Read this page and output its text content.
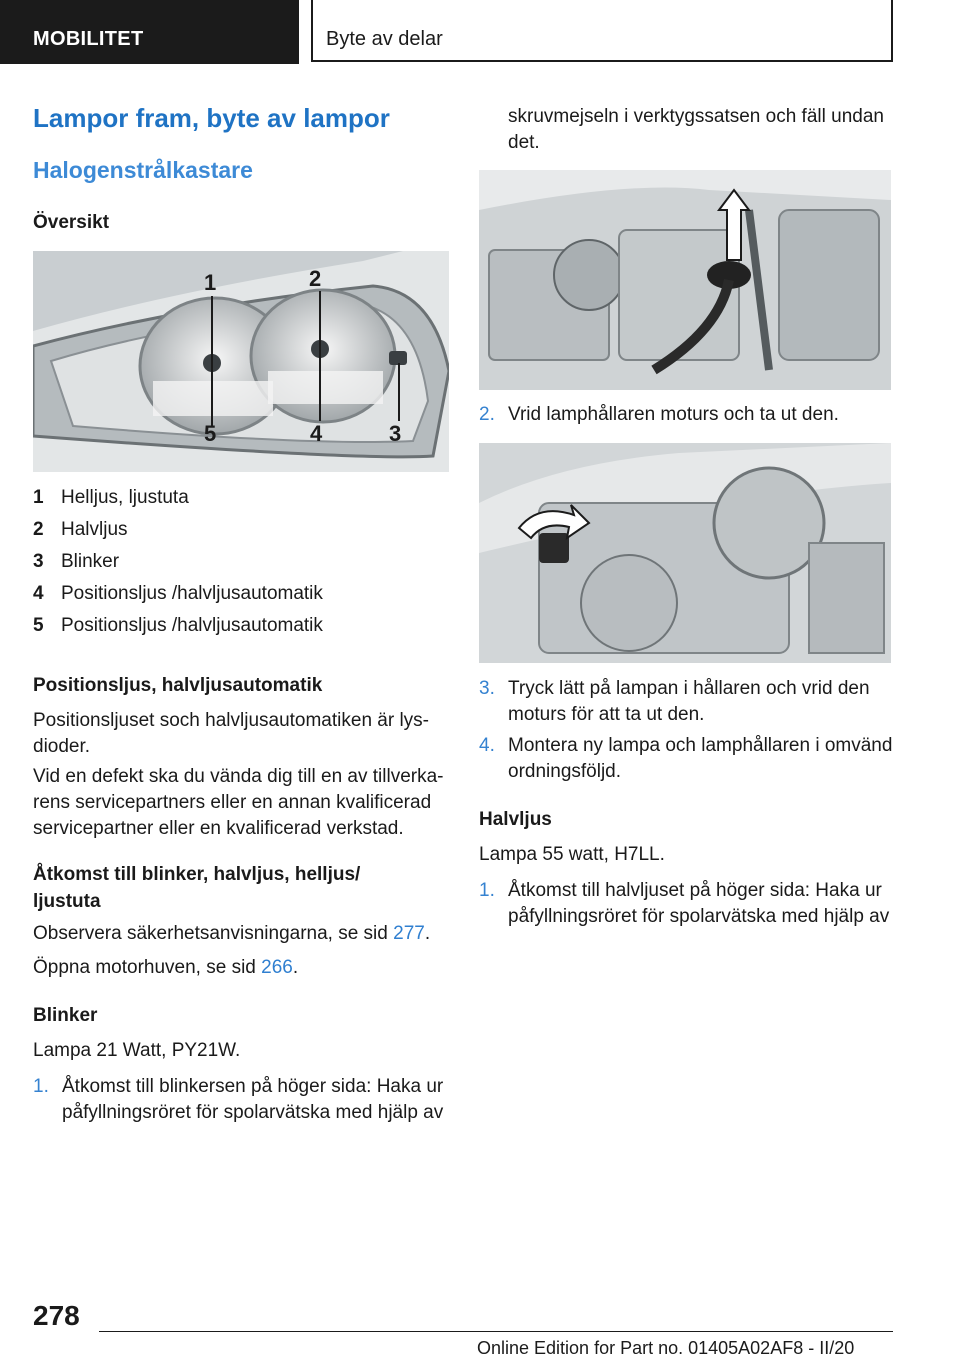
MOBILITET	Byte av delar
Lampor fram, byte av lampor
Halogenstrålkastare
Översikt
1	2
3
4
5
1 Helljus, ljustuta
2 Halvljus
3 Blinker
4 Positionsljus /halvljusautomatik
5 Positionsljus /halvljusautomatik
Positionsljus, halvljusautomatik
Positionsljuset soch halvljusautomatiken är lys‐
dioder.
Vid en defekt ska du vända dig till en av tillverka‐
rens servicepartners eller en annan kvalificerad
servicepartner eller en kvalificerad verkstad.
Åtkomst till blinker, halvljus, helljus/
ljustuta
Observera säkerhetsanvisningarna, se sid 277.
Öppna motorhuven, se sid 266.
Blinker
Lampa 21 Watt, PY21W.
1. Åtkomst till blinkersen på höger sida: Haka ur
påfyllningsröret för spolarvätska med hjälp av
skruvmejseln i verktygssatsen och fäll undan
det.
2. Vrid lamphållaren moturs och ta ut den.
3. Tryck lätt på lampan i hållaren och vrid den
moturs för att ta ut den.
4. Montera ny lampa och lamphållaren i omvänd
ordningsföljd.
Halvljus
Lampa 55 watt, H7LL.
1. Åtkomst till halvljuset på höger sida: Haka ur
påfyllningsröret för spolarvätska med hjälp av
278
Online Edition for Part no. 01405A02AF8 - II/20
